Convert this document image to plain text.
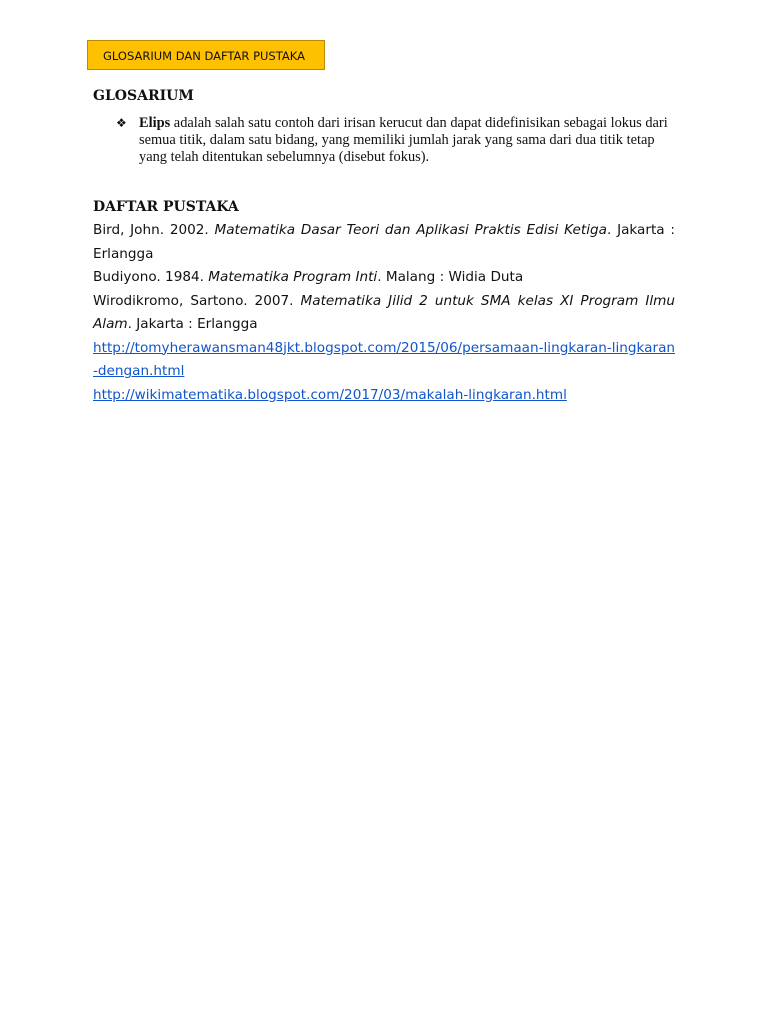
GLOSARIUM DAN DAFTAR PUSTAKA
GLOSARIUM
❖ Elips adalah salah satu contoh dari irisan kerucut dan dapat didefinisikan sebagai lokus dari semua titik, dalam satu bidang, yang memiliki jumlah jarak yang sama dari dua titik tetap yang telah ditentukan sebelumnya (disebut fokus).
DAFTAR PUSTAKA

Bird, John. 2002. Matematika Dasar Teori dan Aplikasi Praktis Edisi Ketiga. Jakarta : Erlangga

Budiyono. 1984. Matematika Program Inti. Malang : Widia Duta

Wirodikromo, Sartono. 2007. Matematika Jilid 2 untuk SMA kelas XI Program Ilmu Alam. Jakarta : Erlangga

http://tomyherawansman48jkt.blogspot.com/2015/06/persamaan-lingkaran-lingkaran-dengan.html

http://wikimatematika.blogspot.com/2017/03/makalah-lingkaran.html
